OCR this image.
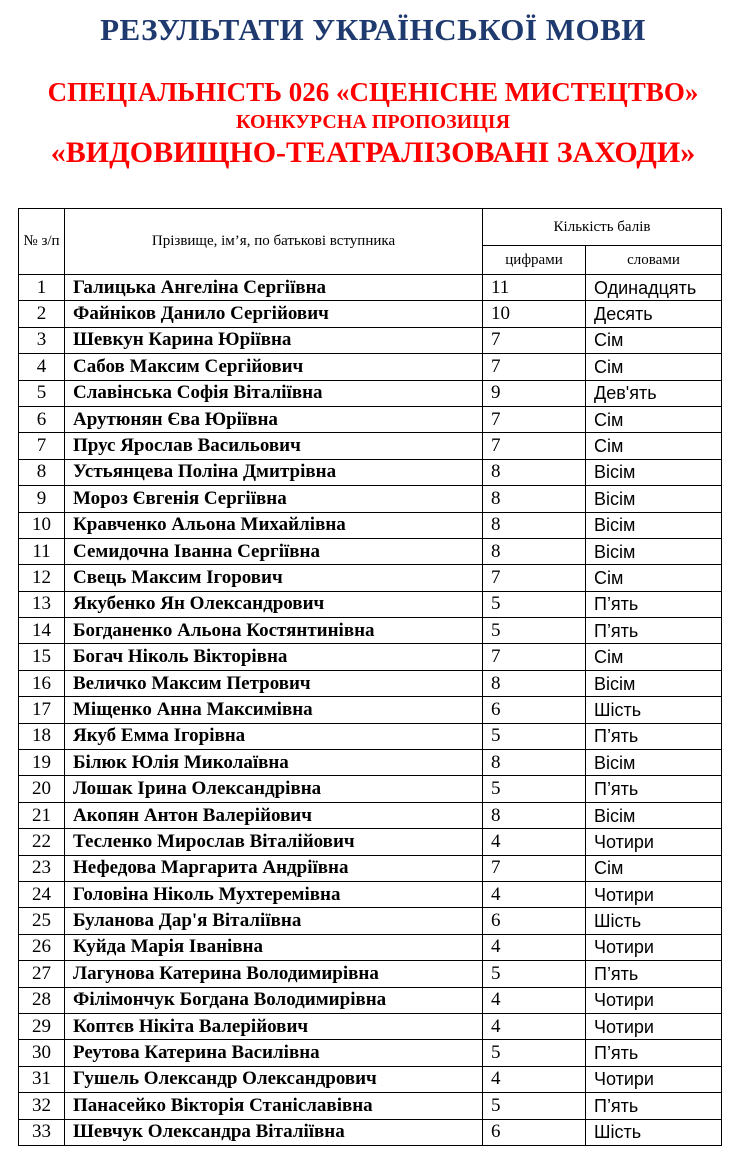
РЕЗУЛЬТАТИ УКРАЇНСЬКОЇ МОВИ
СПЕЦІАЛЬНІСТЬ 026 «СЦЕНІСНЕ МИСТЕЦТВО»
КОНКУРСНА ПРОПОЗИЦІЯ
«ВИДОВИЩНО-ТЕАТРАЛІЗОВАНІ ЗАХОДИ»
№ з/п	Прізвище, ім’я, по батькові вступника	Кількість балів	
		цифрами	словами
1	Галицька Ангеліна Сергіївна	11	Одинадцять
2	Файніков Данило Сергійович	10	Десять
3	Шевкун Карина Юріївна	7	Сім
4	Сабов Максим Сергійович	7	Сім
5	Славінська Софія Віталіївна	9	Дев'ять
6	Арутюнян Єва Юріївна	7	Сім
7	Прус Ярослав Васильович	7	Сім
8	Устьянцева Поліна Дмитрівна	8	Вісім
9	Мороз Євгенія Сергіївна	8	Вісім
10	Кравченко Альона Михайлівна	8	Вісім
11	Семидочна Іванна Сергіївна	8	Вісім
12	Свець Максим Ігорович	7	Сім
13	Якубенко Ян Олександрович	5	П’ять
14	Богданенко Альона Костянтинівна	5	П’ять
15	Богач Ніколь Вікторівна	7	Сім
16	Величко Максим Петрович	8	Вісім
17	Міщенко Анна Максимівна	6	Шість
18	Якуб Емма Ігорівна	5	П’ять
19	Білюк Юлія Миколаївна	8	Вісім
20	Лошак Ірина Олександрівна	5	П’ять
21	Акопян Антон Валерійович	8	Вісім
22	Тесленко Мирослав Віталійович	4	Чотири
23	Нефедова Маргарита Андріївна	7	Сім
24	Головіна Ніколь Мухтеремівна	4	Чотири
25	Буланова Дар'я Віталіївна	6	Шість
26	Куйда Марія Іванівна	4	Чотири
27	Лагунова Катерина Володимирівна	5	П’ять
28	Філімончук Богдана Володимирівна	4	Чотири
29	Коптєв Нікіта Валерійович	4	Чотири
30	Реутова Катерина Василівна	5	П’ять
31	Гушель Олександр Олександрович	4	Чотири
32	Панасейко Вікторія Станіславівна	5	П’ять
33	Шевчук Олександра Віталіївна	6	Шість
